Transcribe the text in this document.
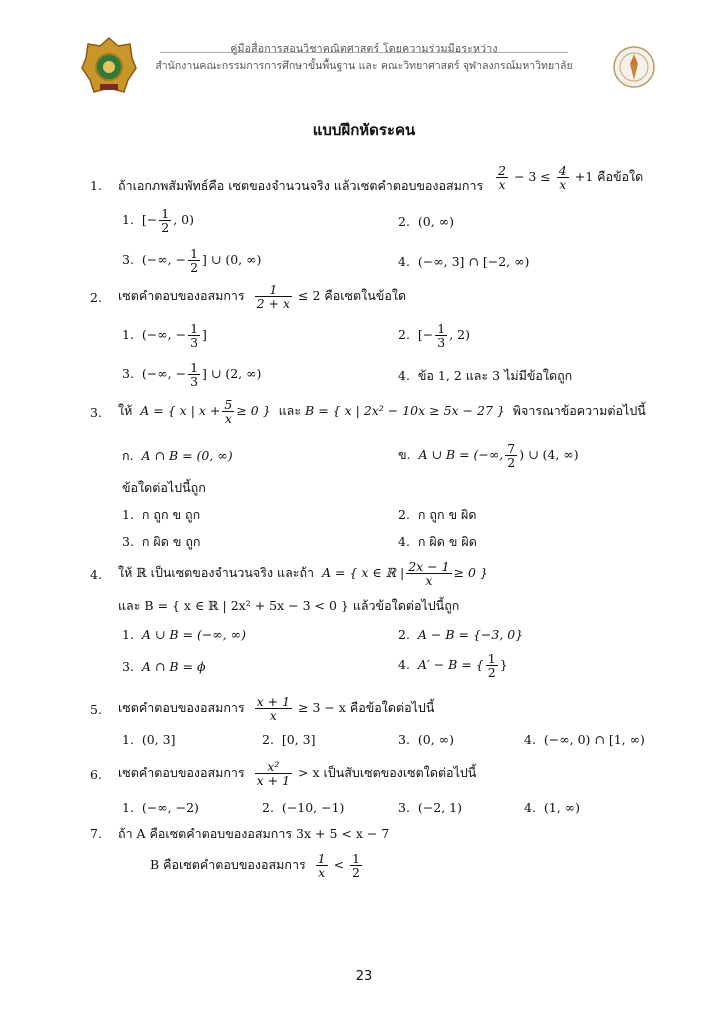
คู่มือสื่อการสอนวิชาคณิตศาสตร์ โดยความร่วมมือระหว่าง
สำนักงานคณะกรรมการการศึกษาขั้นพื้นฐาน และ คณะวิทยาศาสตร์ จุฬาลงกรณ์มหาวิทยาลัย
แบบฝึกหัดระคน
1. ถ้าเอกภพสัมพัทธ์คือ เซตของจำนวนจริง แล้วเซตคำตอบของอสมการ $\frac{2}{x} - 3 \le \frac{4}{x} +1$ คือข้อใด
1. [− $\frac{1}{2}$ , 0)	2. (0, ∞)
3. (−∞, − $\frac{1}{2}$ ] ∪ (0, ∞)	4. (−∞, 3] ∩ [−2, ∞)
2. เซตคำตอบของอสมการ $\frac{1}{2 + x} \le 2$ คือเซตในข้อใด
1. (−∞, − $\frac{1}{3}$ ]	2. [− $\frac{1}{3}$ , 2)
3. (−∞, − $\frac{1}{3}$ ] ∪ (2, ∞)	4. ข้อ 1, 2 และ 3 ไม่มีข้อใดถูก
3. ให้ A = { x | $x + \frac{5}{x} \ge 0$ } และ B = { x | 2x² − 10x ≥ 5x − 27 } พิจารณาข้อความต่อไปนี้
ก. A ∩ B = (0, ∞)	ข. A ∪ B = (−∞, $\frac{7}{2}$ ) ∪ (4, ∞)
ข้อใดต่อไปนี้ถูก
1. ก ถูก ข ถูก	2. ก ถูก ข ผิด
3. ก ผิด ข ถูก	4. ก ผิด ข ผิด
4. ให้ ℝ เป็นเซตของจำนวนจริง และถ้า A = { x ∈ ℝ | $\frac{2x - 1}{x} \ge 0$ }
และ B = { x ∈ ℝ | 2x² + 5x − 3 < 0 } แล้วข้อใดต่อไปนี้ถูก
1. A ∪ B = (−∞, ∞)	2. A − B = {−3, 0}
3. A ∩ B = ϕ	4. A′ − B = { $\frac{1}{2}$ }
5. เซตคำตอบของอสมการ $\frac{x + 1}{x} \ge 3 - x$ คือข้อใดต่อไปนี้
1. (0, 3]	2. [0, 3]	3. (0, ∞)	4. (−∞, 0) ∩ [1, ∞)
6. เซตคำตอบของอสมการ $\frac{\text{x²}}{x + 1} > x$ เป็นสับเซตของเซตใดต่อไปนี้
1. (−∞, −2)	2. (−10, −1)	3. (−2, 1)	4. (1, ∞)
7. ถ้า A คือเซตคำตอบของอสมการ 3x + 5 < x − 7
B คือเซตคำตอบของอสมการ $\frac{1}{x} < \frac{1}{2}$
23
